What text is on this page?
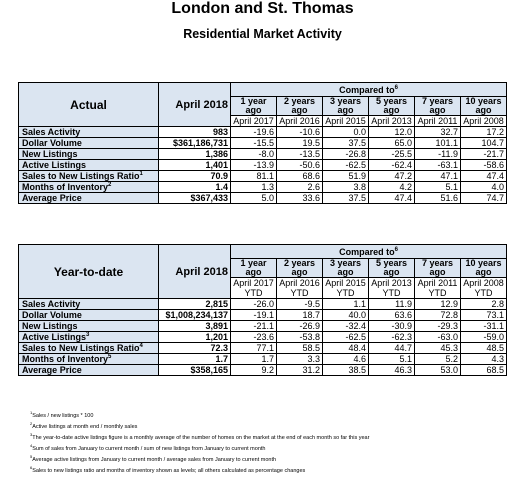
London and St. Thomas
Residential Market Activity
Actual	April 2018	Compared $to^6$
		1 year ago	2 years ago	3 years ago	5 years ago	7 years ago	10 years ago
		April 2017	April 2016	April 2015	April 2013	April 2011	April 2008
Sales Activity	983	-19.6	-10.6	0.0	12.0	32.7	17.2
Dollar Volume	$361,186,731	-15.5	19.5	37.5	65.0	101.1	104.7
New Listings	1,386	-8.0	-13.5	-26.8	-25.5	-11.9	-21.7
Active Listings	1,401	-13.9	-50.6	-62.5	-62.4	-63.1	-58.6
Sales to New Listings Ratio$^1$	70.9	81.1	68.6	51.9	47.2	47.1	47.4
Months of Inventory$^2$	1.4	1.3	2.6	3.8	4.2	5.1	4.0
Average Price	$367,433	5.0	33.6	37.5	47.4	51.6	74.7
Year-to-date	April 2018	Compared $to^6$
		1 year ago	2 years ago	3 years ago	5 years ago	7 years ago	10 years ago
		April 2017 YTD	April 2016 YTD	April 2015 YTD	April 2013 YTD	April 2011 YTD	April 2008 YTD
Sales Activity	2,815	-26.0	-9.5	1.1	11.9	12.9	2.8
Dollar Volume	$1,008,234,137	-19.1	18.7	40.0	63.6	72.8	73.1
New Listings	3,891	-21.1	-26.9	-32.4	-30.9	-29.3	-31.1
Active Listings$^3$	1,201	-23.6	-53.8	-62.5	-62.3	-63.0	-59.0
Sales to New Listings Ratio$^4$	72.3	77.1	58.5	48.4	44.7	45.3	48.5
Months of Inventory$^5$	1.7	1.7	3.3	4.6	5.1	5.2	4.3
Average Price	$358,165	9.2	31.2	38.5	46.3	53.0	68.5
$^1$Sales / new listings * 100
$^2$Active listings at month end / monthly sales
$^3$The year-to-date active listings figure is a monthly average of the number of homes on the market at the end of each month so far this year
$^4$Sum of sales from January to current month / sum of new listings from January to current month
$^5$Average active listings from January to current month / average sales from January to current month
$^6$Sales to new listings ratio and months of inventory shown as levels; all others calculated as percentage changes
